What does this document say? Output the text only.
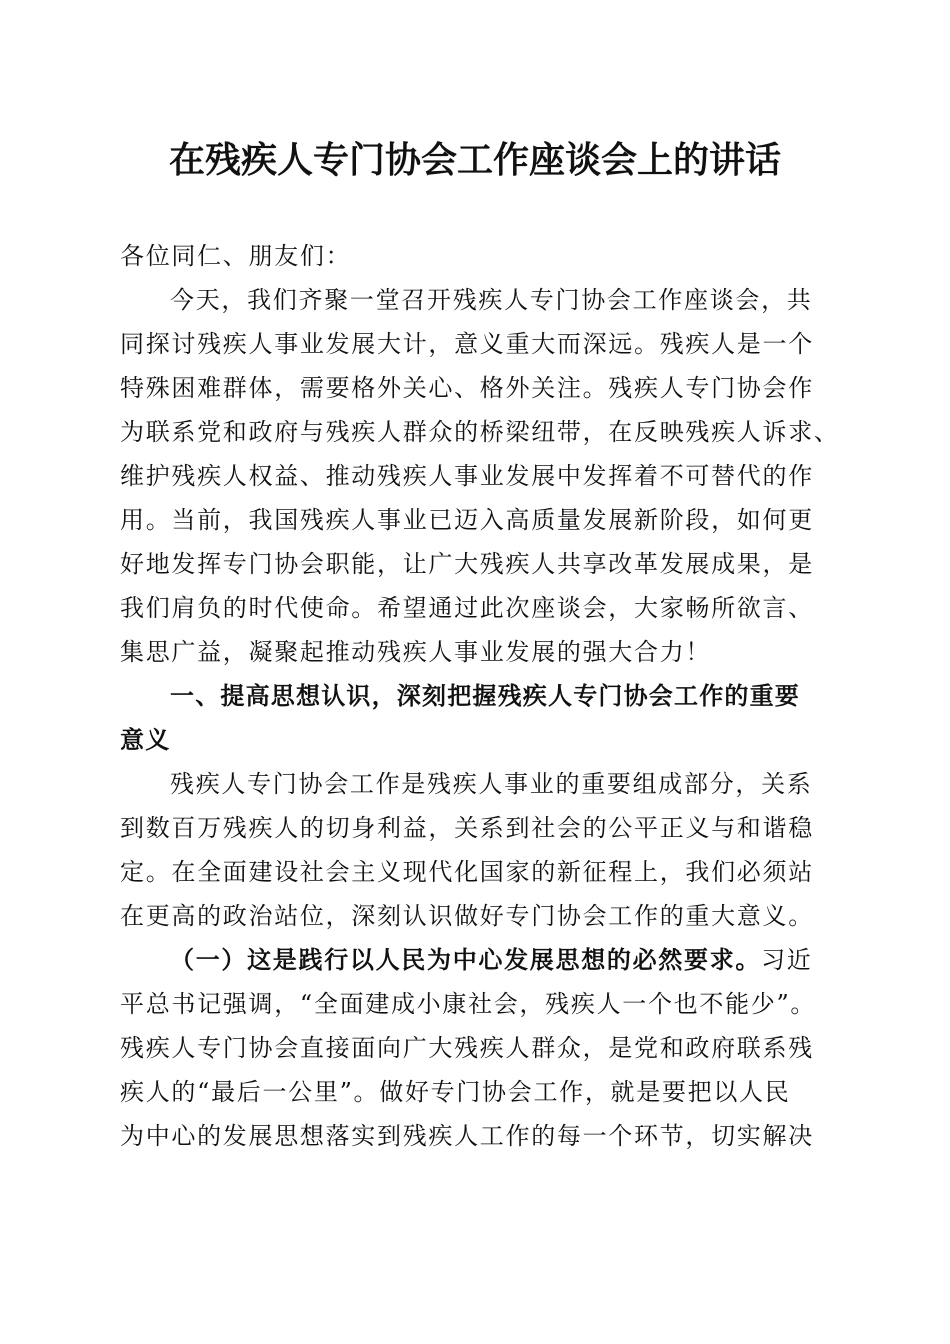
在残疾人专门协会工作座谈会上的讲话
各位同仁、朋友们：
今天，我们齐聚一堂召开残疾人专门协会工作座谈会，共
同探讨残疾人事业发展大计，意义重大而深远。残疾人是一个
特殊困难群体，需要格外关心、格外关注。残疾人专门协会作
为联系党和政府与残疾人群众的桥梁纽带，在反映残疾人诉求、
维护残疾人权益、推动残疾人事业发展中发挥着不可替代的作
用。当前，我国残疾人事业已迈入高质量发展新阶段，如何更
好地发挥专门协会职能，让广大残疾人共享改革发展成果，是
我们肩负的时代使命。希望通过此次座谈会，大家畅所欲言、
集思广益，凝聚起推动残疾人事业发展的强大合力！
一、提高思想认识，深刻把握残疾人专门协会工作的重要
意义
残疾人专门协会工作是残疾人事业的重要组成部分，关系
到数百万残疾人的切身利益，关系到社会的公平正义与和谐稳
定。在全面建设社会主义现代化国家的新征程上，我们必须站
在更高的政治站位，深刻认识做好专门协会工作的重大意义。
（一）这是践行以人民为中心发展思想的必然要求。习近
平总书记强调，“全面建成小康社会，残疾人一个也不能少”。
残疾人专门协会直接面向广大残疾人群众，是党和政府联系残
疾人的“最后一公里”。做好专门协会工作，就是要把以人民
为中心的发展思想落实到残疾人工作的每一个环节，切实解决
